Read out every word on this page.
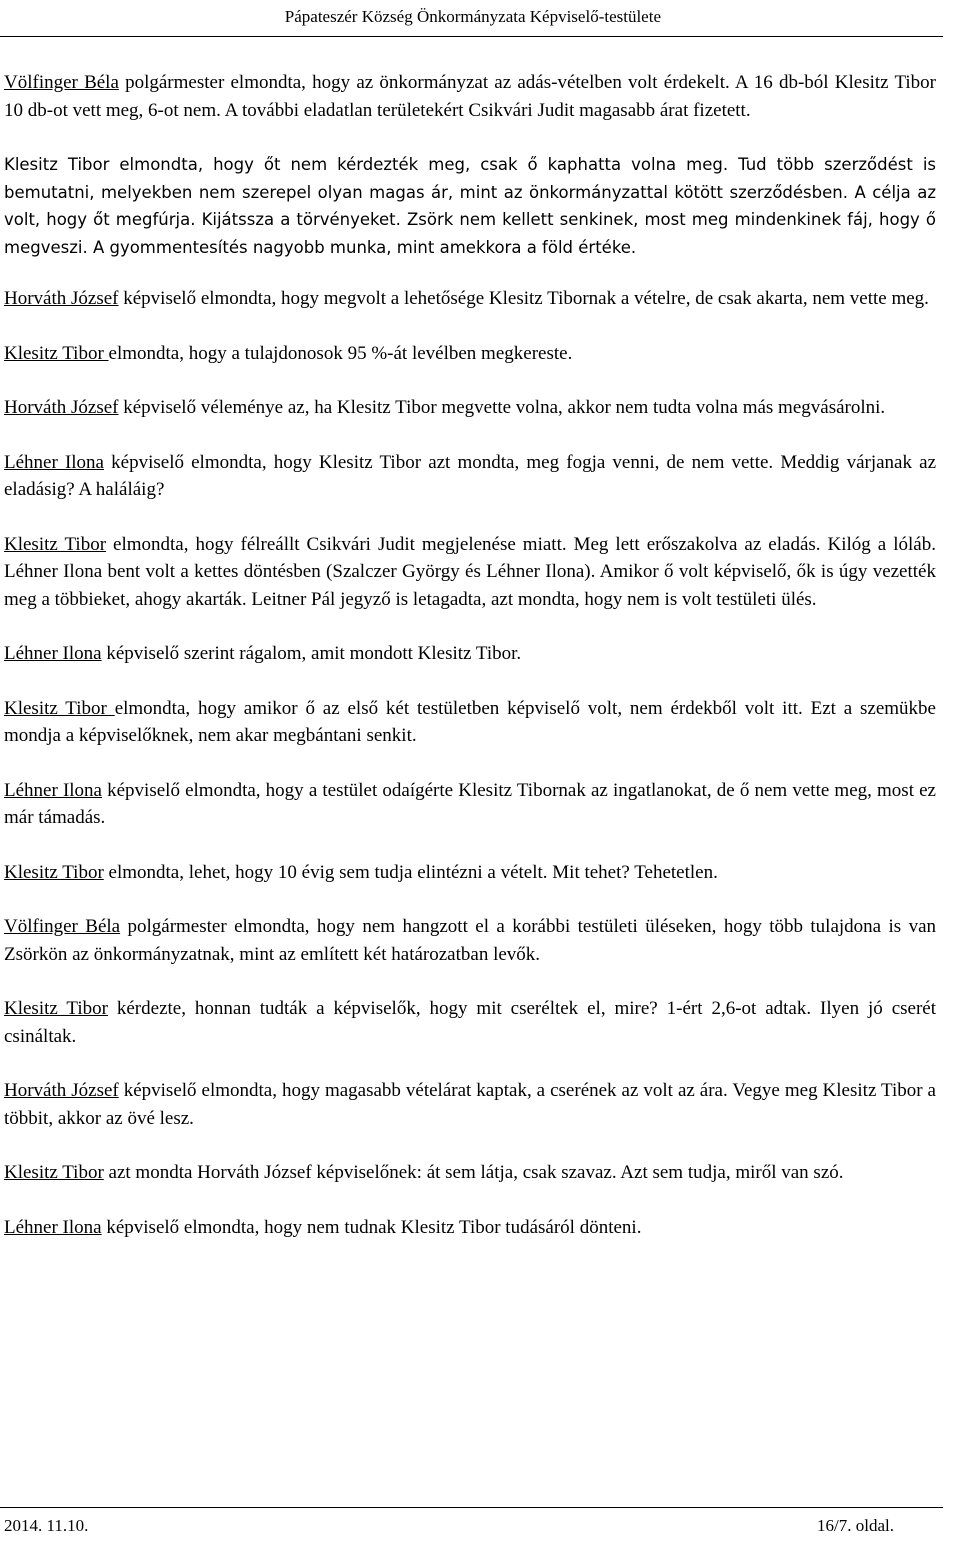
Pápateszér Község Önkormányzata Képviselő-testülete

Völfinger Béla polgármester elmondta, hogy az önkormányzat az adás-vételben volt érdekelt. A 16 db-ból Klesitz Tibor 10 db-ot vett meg, 6-ot nem. A további eladatlan területekért Csikvári Judit magasabb árat fizetett.

Klesitz Tibor elmondta, hogy őt nem kérdezték meg, csak ő kaphatta volna meg. Tud több szerződést is bemutatni, melyekben nem szerepel olyan magas ár, mint az önkormányzattal kötött szerződésben. A célja az volt, hogy őt megfúrja. Kijátssza a törvényeket. Zsörk nem kellett senkinek, most meg mindenkinek fáj, hogy ő megveszi. A gyommentesítés nagyobb munka, mint amekkora a föld értéke.

Horváth József képviselő elmondta, hogy megvolt a lehetősége Klesitz Tibornak a vételre, de csak akarta, nem vette meg.

Klesitz Tibor elmondta, hogy a tulajdonosok 95 %-át levélben megkereste.

Horváth József képviselő véleménye az, ha Klesitz Tibor megvette volna, akkor nem tudta volna más megvásárolni.

Léhner Ilona képviselő elmondta, hogy Klesitz Tibor azt mondta, meg fogja venni, de nem vette. Meddig várjanak az eladásig? A haláláig?

Klesitz Tibor elmondta, hogy félreállt Csikvári Judit megjelenése miatt. Meg lett erőszakolva az eladás. Kilóg a lóláb. Léhner Ilona bent volt a kettes döntésben (Szalczer György és Léhner Ilona). Amikor ő volt képviselő, ők is úgy vezették meg a többieket, ahogy akarták. Leitner Pál jegyző is letagadta, azt mondta, hogy nem is volt testületi ülés.

Léhner Ilona képviselő szerint rágalom, amit mondott Klesitz Tibor.

Klesitz Tibor elmondta, hogy amikor ő az első két testületben képviselő volt, nem érdekből volt itt. Ezt a szemükbe mondja a képviselőknek, nem akar megbántani senkit.

Léhner Ilona képviselő elmondta, hogy a testület odaígérte Klesitz Tibornak az ingatlanokat, de ő nem vette meg, most ez már támadás.

Klesitz Tibor elmondta, lehet, hogy 10 évig sem tudja elintézni a vételt. Mit tehet? Tehetetlen.

Völfinger Béla polgármester elmondta, hogy nem hangzott el a korábbi testületi üléseken, hogy több tulajdona is van Zsörkön az önkormányzatnak, mint az említett két határozatban levők.

Klesitz Tibor kérdezte, honnan tudták a képviselők, hogy mit cseréltek el, mire? 1-ért 2,6-ot adtak. Ilyen jó cserét csináltak.

Horváth József képviselő elmondta, hogy magasabb vételárat kaptak, a cserének az volt az ára. Vegye meg Klesitz Tibor a többit, akkor az övé lesz.

Klesitz Tibor azt mondta Horváth József képviselőnek: át sem látja, csak szavaz. Azt sem tudja, miről van szó.

Léhner Ilona képviselő elmondta, hogy nem tudnak Klesitz Tibor tudásáról dönteni.

2014. 11.10.	16/7. oldal.
